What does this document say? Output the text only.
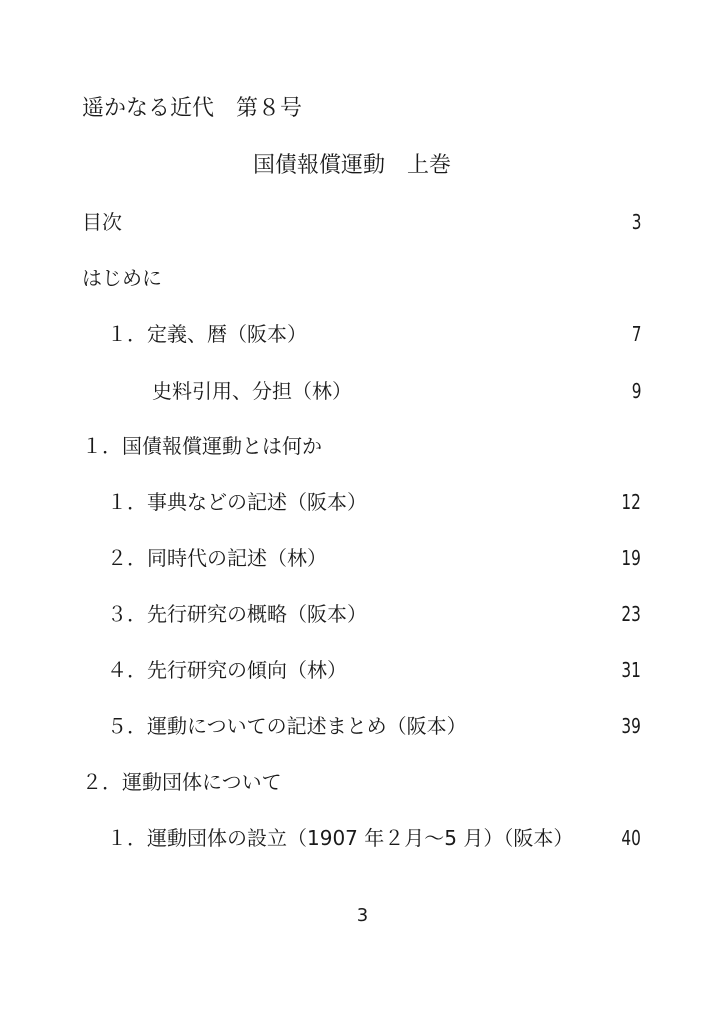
遥かなる近代　第８号
国債報償運動　上巻
目次	3
はじめに
１．定義、暦（阪本）	7
史料引用、分担（林）	9
１．国債報償運動とは何か
１．事典などの記述（阪本）	12
２．同時代の記述（林）	19
３．先行研究の概略（阪本）	23
４．先行研究の傾向（林）	31
５．運動についての記述まとめ（阪本）	39
２．運動団体について
１．運動団体の設立（1907 年２月～5 月）（阪本） 40
3
